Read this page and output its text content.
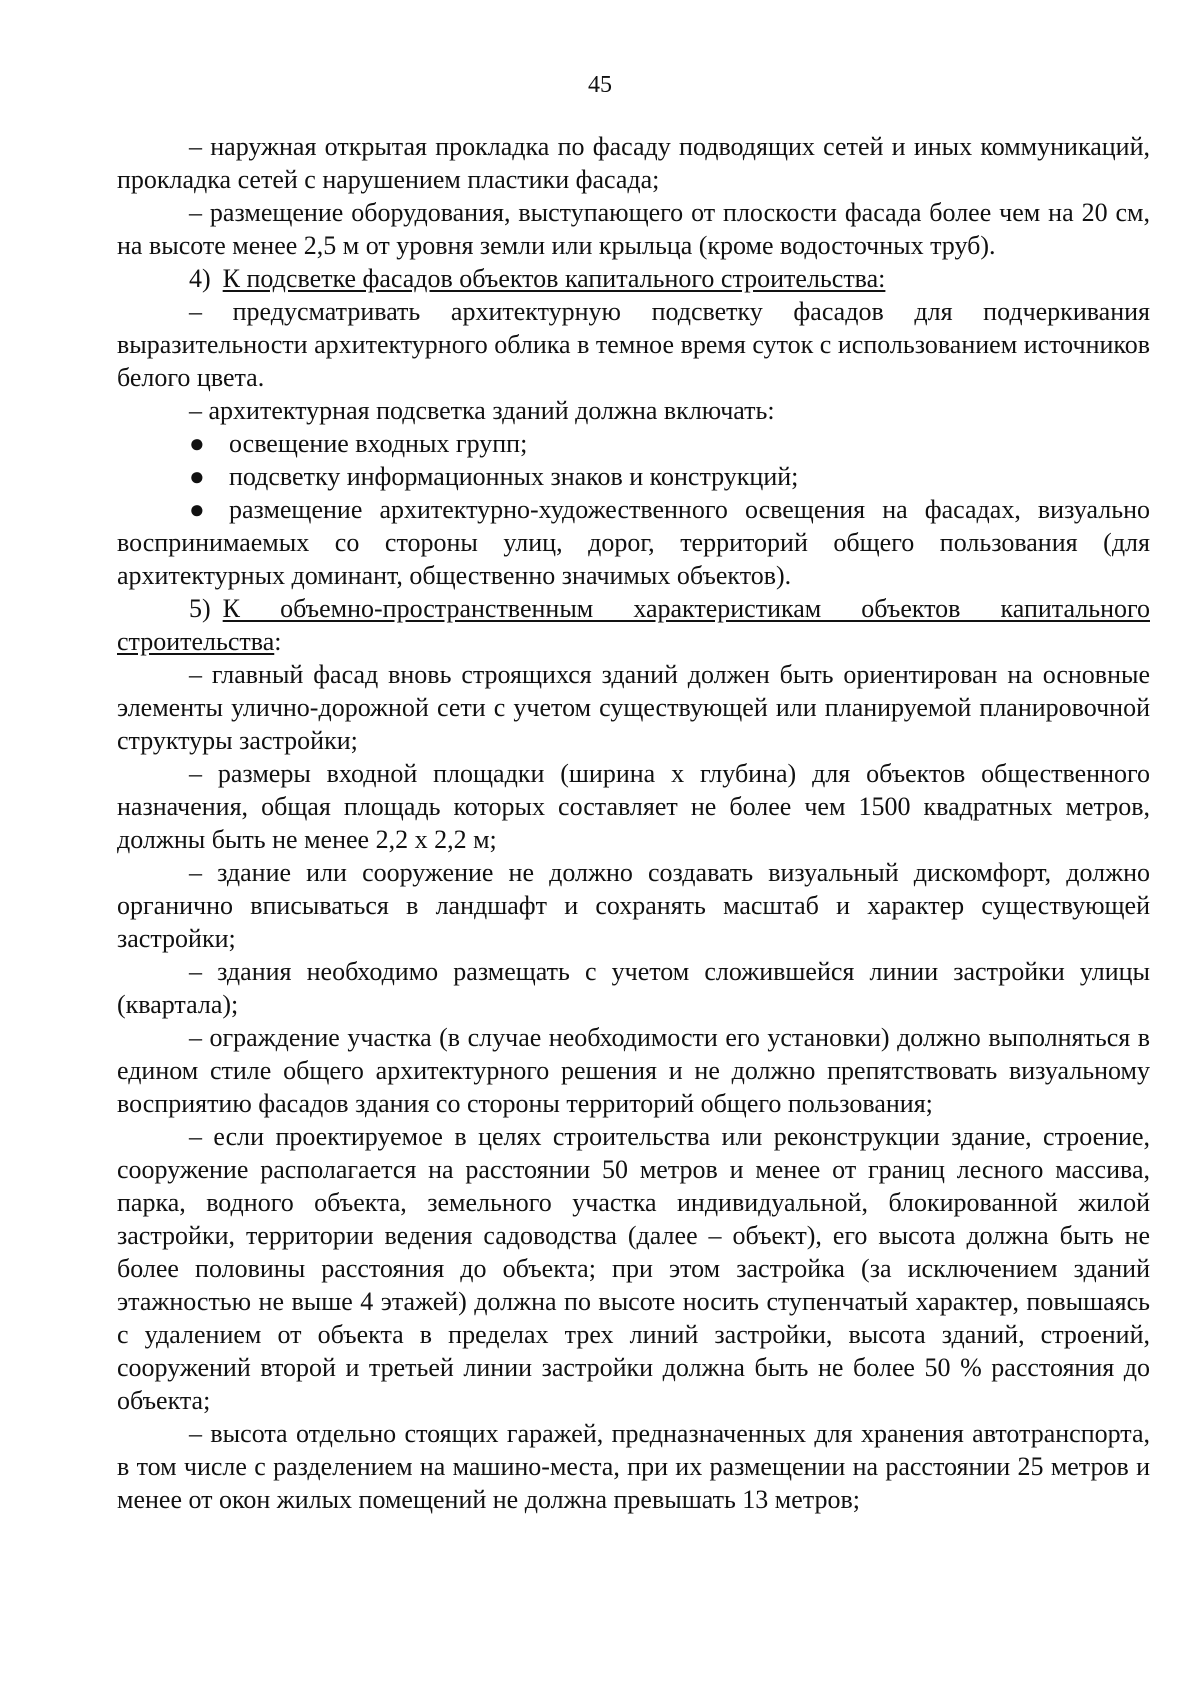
45

– наружная открытая прокладка по фасаду подводящих сетей и иных коммуникаций, прокладка сетей с нарушением пластики фасада;

– размещение оборудования, выступающего от плоскости фасада более чем на 20 см, на высоте менее 2,5 м от уровня земли или крыльца (кроме водосточных труб).

4) К подсветке фасадов объектов капитального строительства:

– предусматривать архитектурную подсветку фасадов для подчеркивания выразительности архитектурного облика в темное время суток с использованием источников белого цвета.

– архитектурная подсветка зданий должна включать:

● освещение входных групп;

● подсветку информационных знаков и конструкций;

● размещение архитектурно-художественного освещения на фасадах, визуально воспринимаемых со стороны улиц, дорог, территорий общего пользования (для архитектурных доминант, общественно значимых объектов).

5) К объемно-пространственным характеристикам объектов капитального строительства:

– главный фасад вновь строящихся зданий должен быть ориентирован на основные элементы улично-дорожной сети с учетом существующей или планируемой планировочной структуры застройки;

– размеры входной площадки (ширина х глубина) для объектов общественного назначения, общая площадь которых составляет не более чем 1500 квадратных метров, должны быть не менее 2,2 х 2,2 м;

– здание или сооружение не должно создавать визуальный дискомфорт, должно органично вписываться в ландшафт и сохранять масштаб и характер существующей застройки;

– здания необходимо размещать с учетом сложившейся линии застройки улицы (квартала);

– ограждение участка (в случае необходимости его установки) должно выполняться в едином стиле общего архитектурного решения и не должно препятствовать визуальному восприятию фасадов здания со стороны территорий общего пользования;

– если проектируемое в целях строительства или реконструкции здание, строение, сооружение располагается на расстоянии 50 метров и менее от границ лесного массива, парка, водного объекта, земельного участка индивидуальной, блокированной жилой застройки, территории ведения садоводства (далее – объект), его высота должна быть не более половины расстояния до объекта; при этом застройка (за исключением зданий этажностью не выше 4 этажей) должна по высоте носить ступенчатый характер, повышаясь с удалением от объекта в пределах трех линий застройки, высота зданий, строений, сооружений второй и третьей линии застройки должна быть не более 50 % расстояния до объекта;

– высота отдельно стоящих гаражей, предназначенных для хранения автотранспорта, в том числе с разделением на машино-места, при их размещении на расстоянии 25 метров и менее от окон жилых помещений не должна превышать 13 метров;
